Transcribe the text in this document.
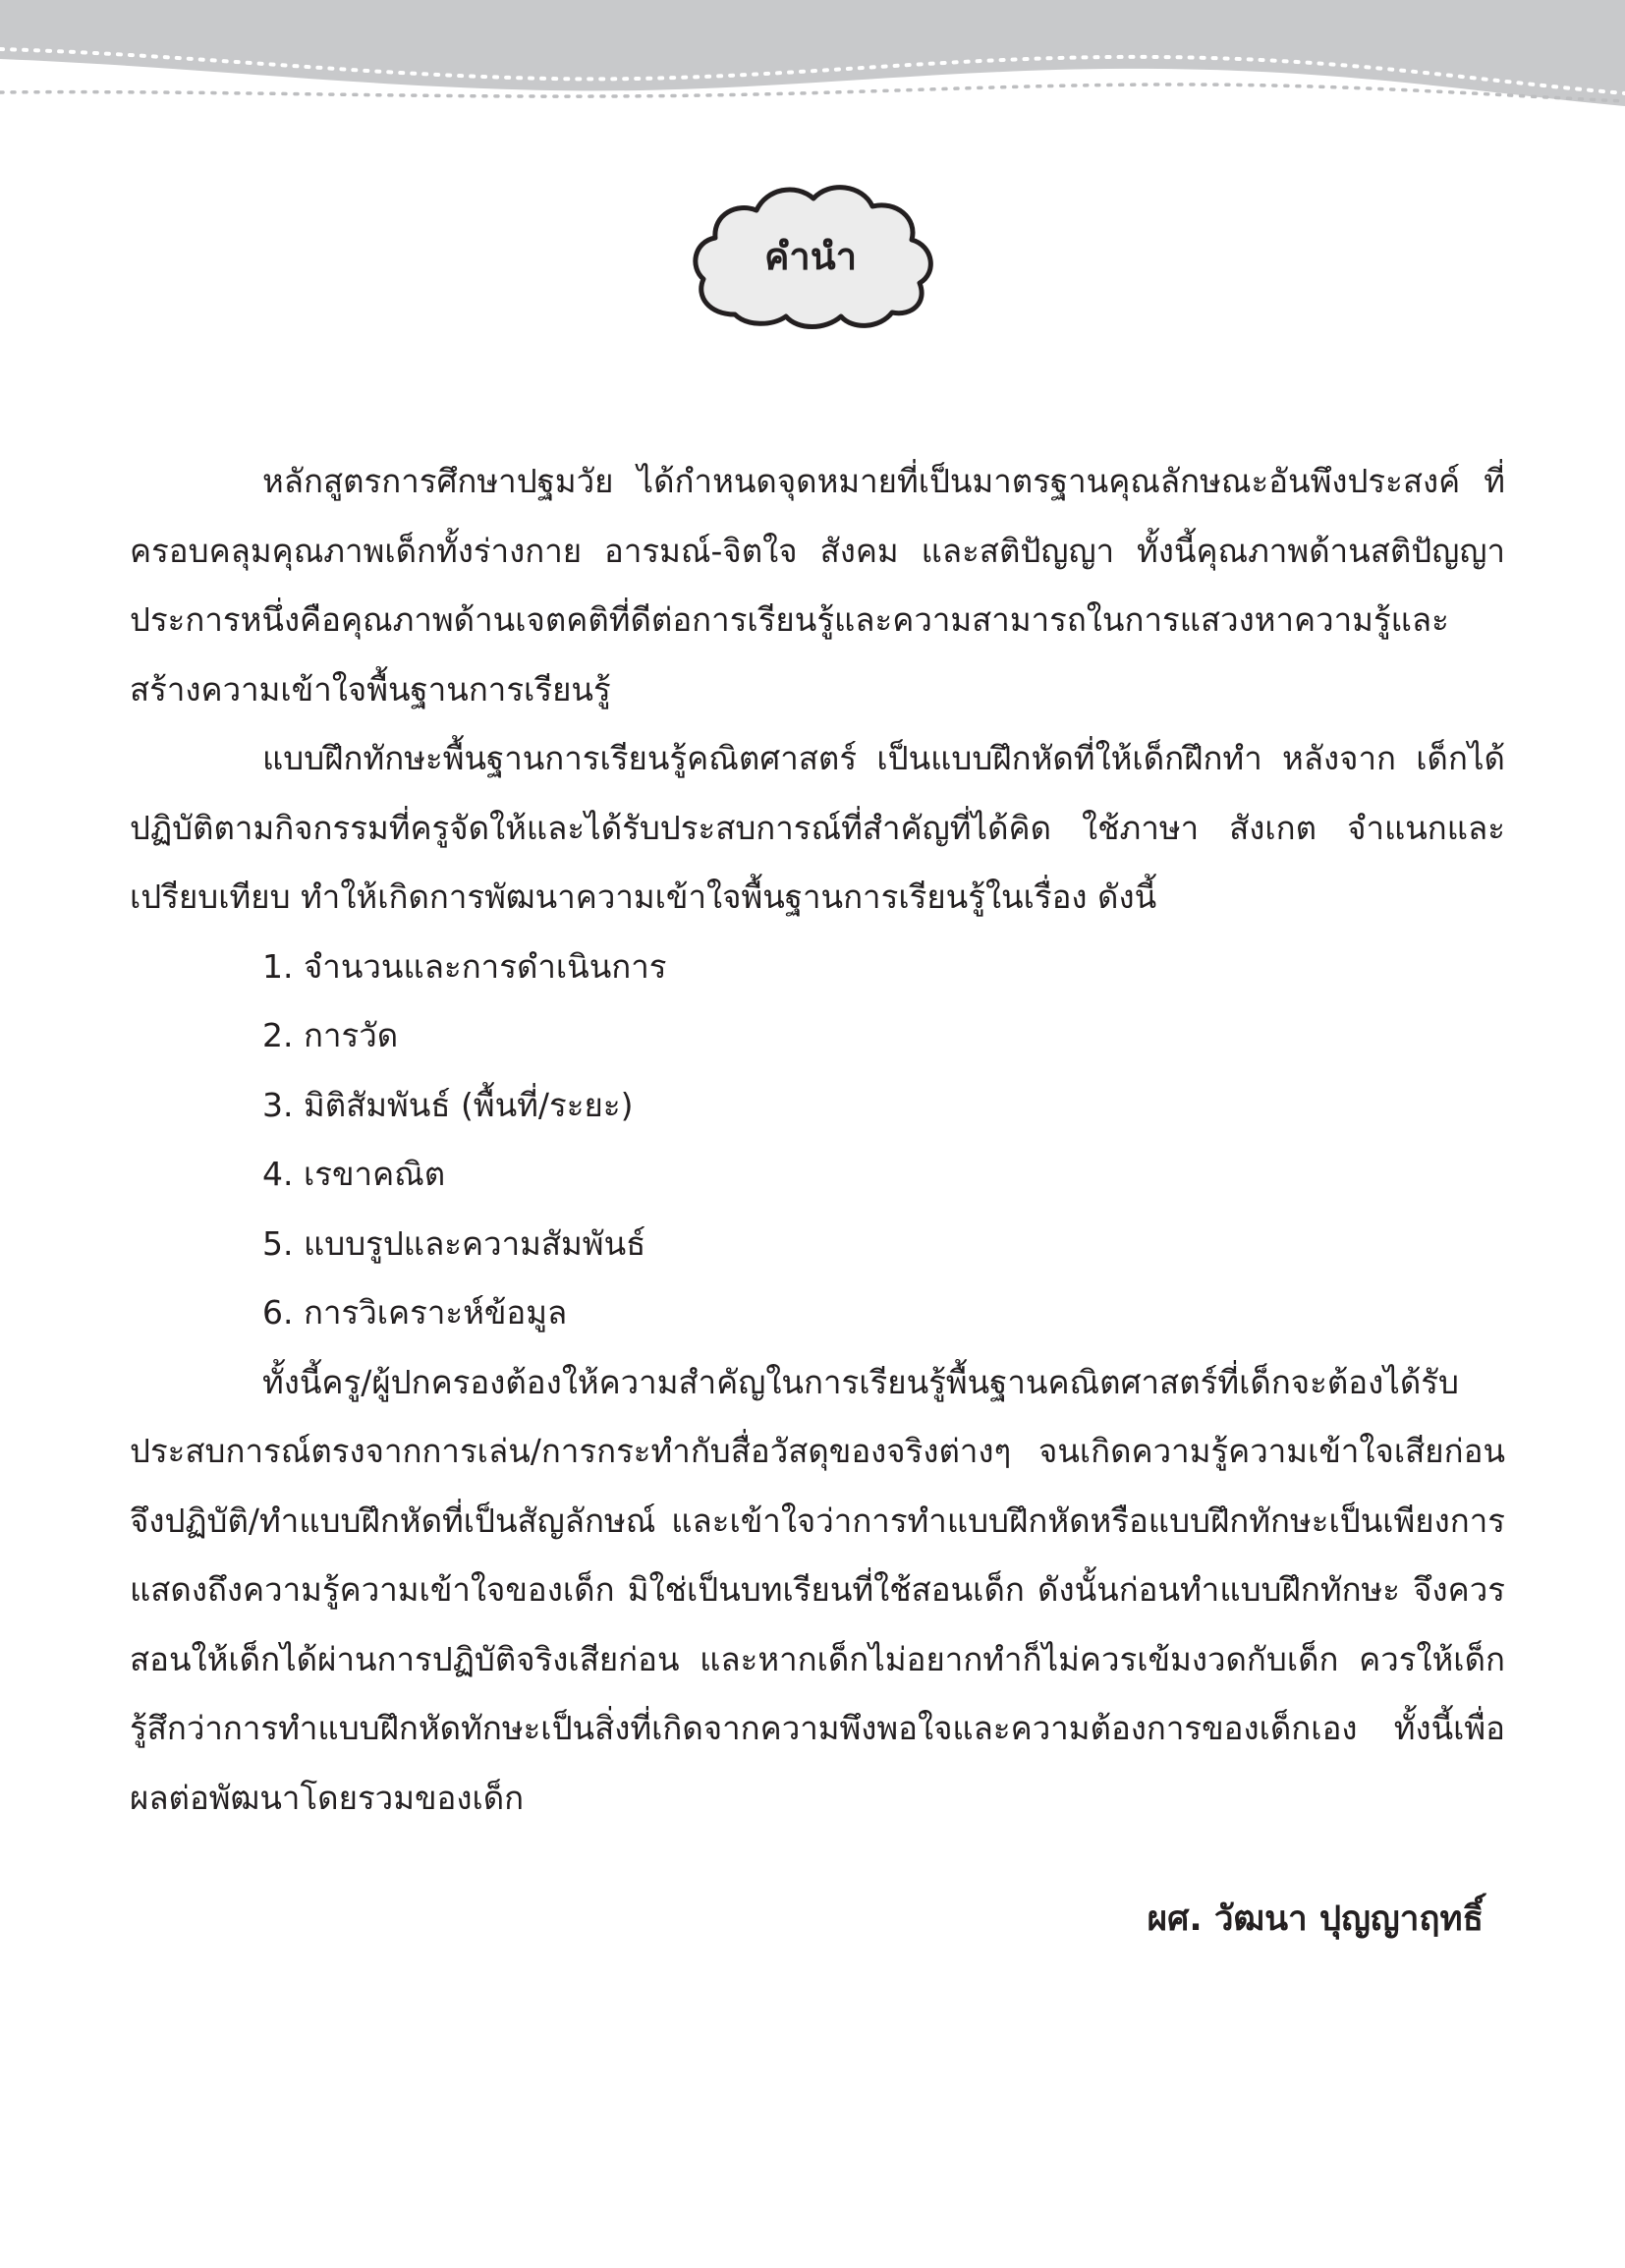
คำนำ

หลักสูตรการศึกษาปฐมวัย ได้กำหนดจุดหมายที่เป็นมาตรฐานคุณลักษณะอันพึงประสงค์ ที่ครอบคลุมคุณภาพเด็กทั้งร่างกาย อารมณ์-จิตใจ สังคม และสติปัญญา ทั้งนี้คุณภาพด้านสติปัญญา ประการหนึ่งคือคุณภาพด้านเจตคติที่ดีต่อการเรียนรู้และความสามารถในการแสวงหาความรู้และสร้างความเข้าใจพื้นฐานการเรียนรู้

แบบฝึกทักษะพื้นฐานการเรียนรู้คณิตศาสตร์ เป็นแบบฝึกหัดที่ให้เด็กฝึกทำ หลังจาก เด็กได้ปฏิบัติตามกิจกรรมที่ครูจัดให้และได้รับประสบการณ์ที่สำคัญที่ได้คิด ใช้ภาษา สังเกต จำแนกและเปรียบเทียบ ทำให้เกิดการพัฒนาความเข้าใจพื้นฐานการเรียนรู้ในเรื่อง ดังนี้

1. จำนวนและการดำเนินการ
2. การวัด
3. มิติสัมพันธ์ (พื้นที่/ระยะ)
4. เรขาคณิต
5. แบบรูปและความสัมพันธ์
6. การวิเคราะห์ข้อมูล

ทั้งนี้ครู/ผู้ปกครองต้องให้ความสำคัญในการเรียนรู้พื้นฐานคณิตศาสตร์ที่เด็กจะต้องได้รับประสบการณ์ตรงจากการเล่น/การกระทำกับสื่อวัสดุของจริงต่างๆ จนเกิดความรู้ความเข้าใจเสียก่อนจึงปฏิบัติ/ทำแบบฝึกหัดที่เป็นสัญลักษณ์ และเข้าใจว่าการทำแบบฝึกหัดหรือแบบฝึกทักษะเป็นเพียงการแสดงถึงความรู้ความเข้าใจของเด็ก มิใช่เป็นบทเรียนที่ใช้สอนเด็ก ดังนั้นก่อนทำแบบฝึกทักษะ จึงควรสอนให้เด็กได้ผ่านการปฏิบัติจริงเสียก่อน และหากเด็กไม่อยากทำก็ไม่ควรเข้มงวดกับเด็ก ควรให้เด็กรู้สึกว่าการทำแบบฝึกหัดทักษะเป็นสิ่งที่เกิดจากความพึงพอใจและความต้องการของเด็กเอง ทั้งนี้เพื่อผลต่อพัฒนาโดยรวมของเด็ก

ผศ. วัฒนา ปุญญาฤทธิ์
